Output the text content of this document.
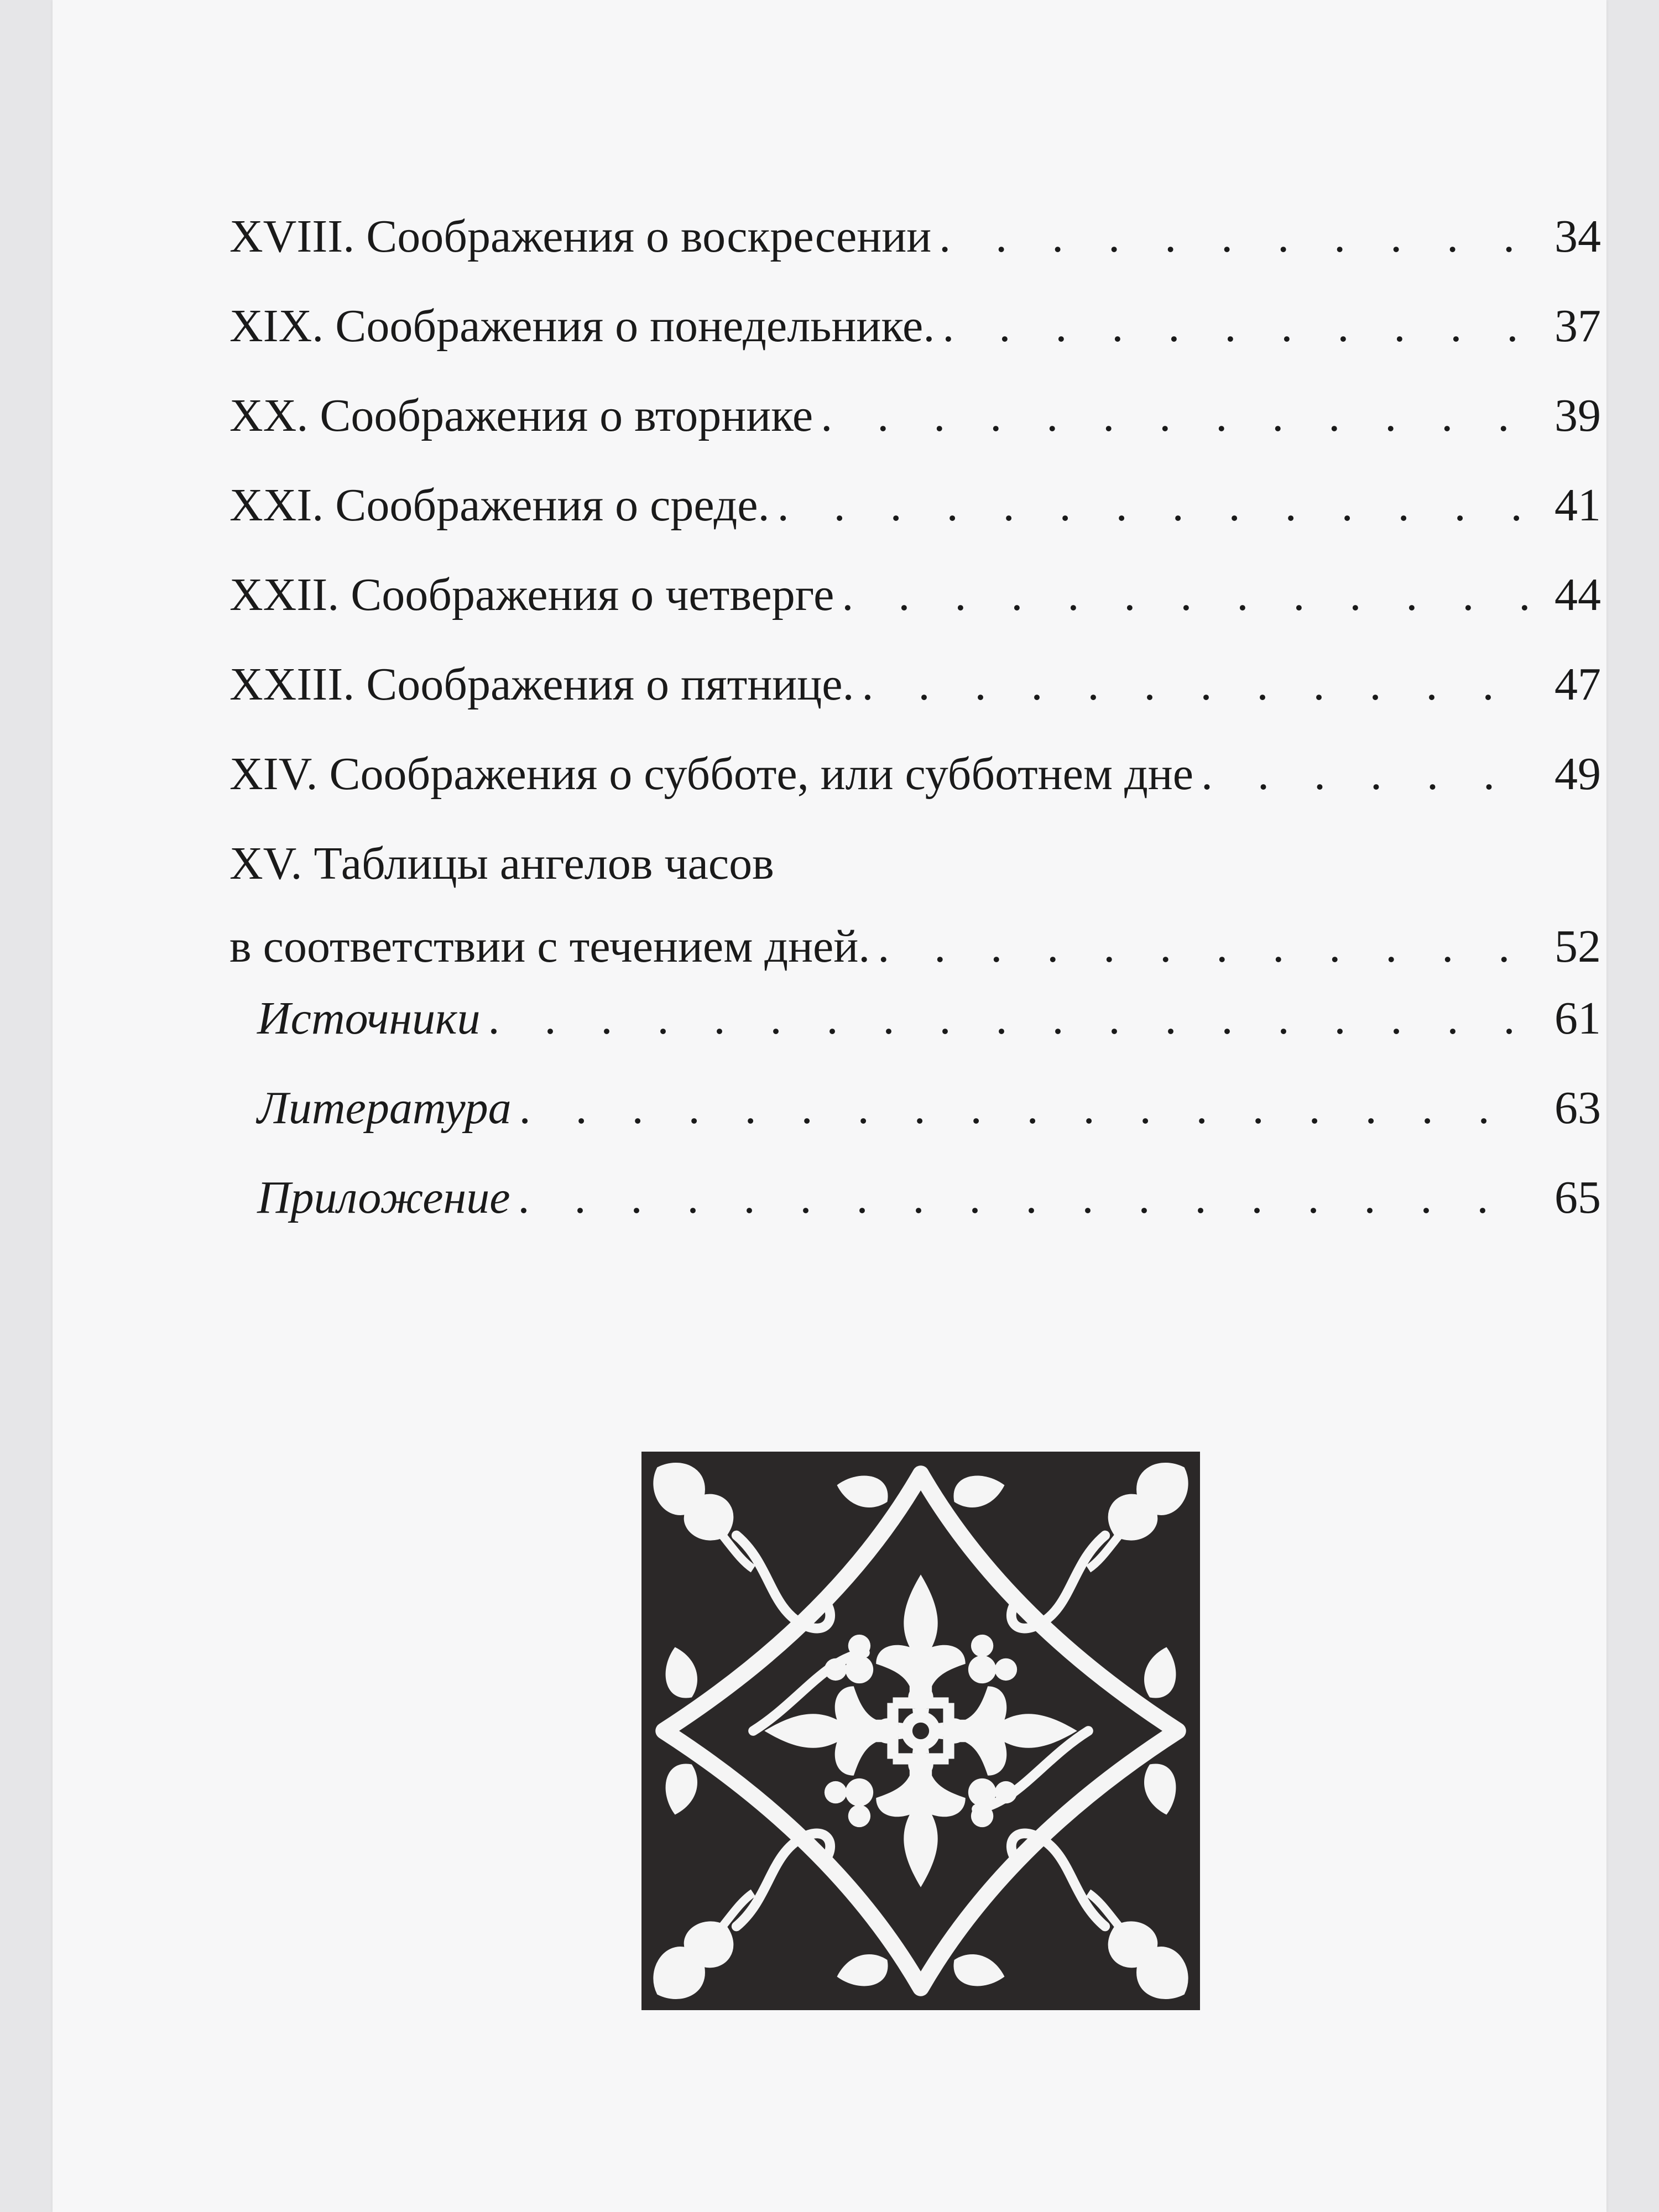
XVIII. Соображения о воскресении . . .	34
XIX. Соображения о понедельнике. . . .	37
XX. Соображения о вторнике . . .	39
XXI. Соображения о среде. . . .	41
XXII. Соображения о четверге . . .	44
XXIII. Соображения о пятнице. . . .	47
XIV. Соображения о субботе, или субботнем дне . . .	49
XV. Таблицы ангелов часов
в соответствии с течением дней. . . .	52
Источники . . .	61
Литература . . .	63
Приложение . . .	65
